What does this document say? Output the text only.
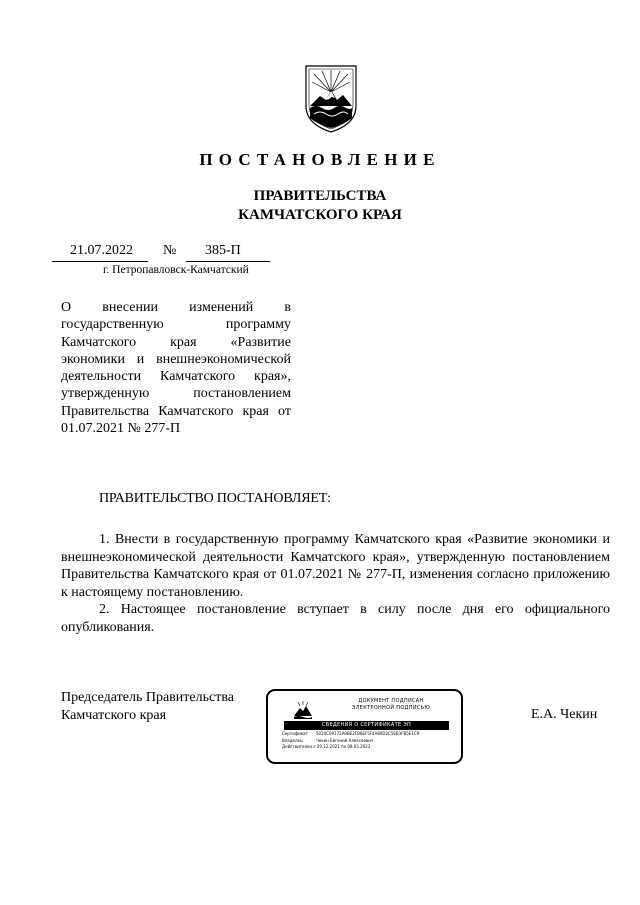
ПОСТАНОВЛЕНИЕ
ПРАВИТЕЛЬСТВА
КАМЧАТСКОГО КРАЯ
21.07.2022 № 385-П
г. Петропавловск-Камчатский
О внесении изменений в государственную программу Камчатского края «Развитие экономики и внешнеэкономической деятельности Камчатского края», утвержденную постановлением Правительства Камчатского края от 01.07.2021 № 277-П
ПРАВИТЕЛЬСТВО ПОСТАНОВЛЯЕТ:
1. Внести в государственную программу Камчатского края «Развитие экономики и внешнеэкономической деятельности Камчатского края», утвержденную постановлением Правительства Камчатского края от 01.07.2021 № 277-П, изменения согласно приложению к настоящему постановлению.
2. Настоящее постановление вступает в силу после дня его официального опубликования.
Председатель Правительства
Камчатского края
ДОКУМЕНТ ПОДПИСАН
ЭЛЕКТРОННОЙ ПОДПИСЬЮ
СВЕДЕНИЯ О СЕРТИФИКАТЕ ЭП
Сертификат 5024C09172A9BE2FB6EF5F4A80D2C5EB3FB5E1C9
Владелец	Чекин Евгений Алексеевич
Действителен с 29.12.2021 по 09.03.2023
Е.А. Чекин
